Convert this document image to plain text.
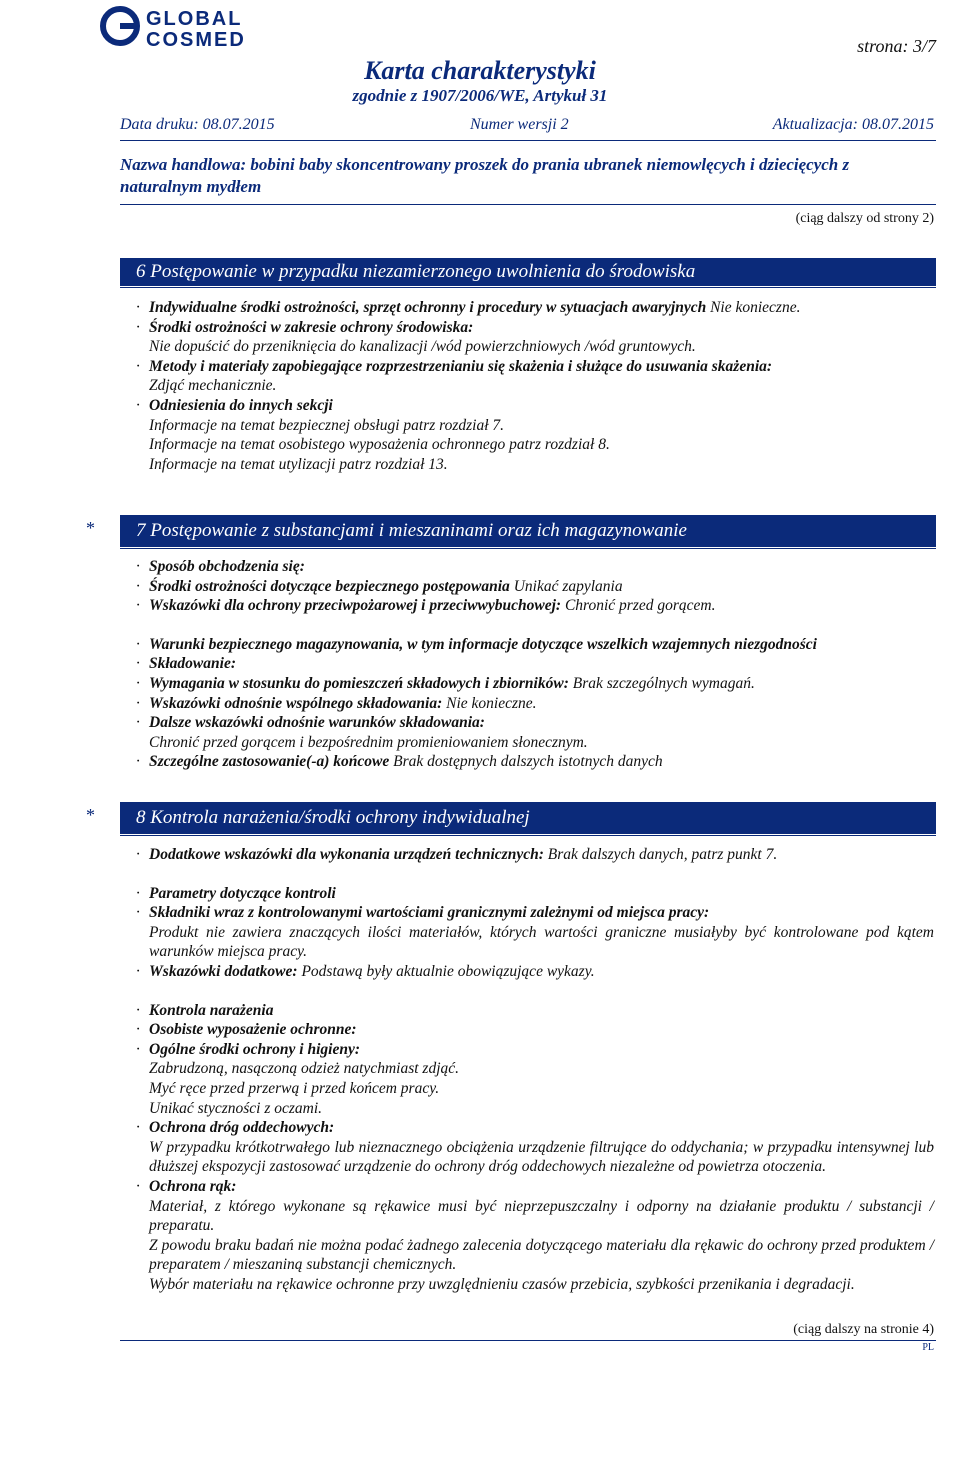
GLOBAL
COSMED	strona: 3/7
Karta charakterystyki
zgodnie z 1907/2006/WE, Artykuł 31
Data druku: 08.07.2015	Numer wersji 2	Aktualizacja: 08.07.2015
Nazwa handlowa: bobini baby skoncentrowany proszek do prania ubranek niemowlęcych i dziecięcych z naturalnym mydłem
(ciąg dalszy od strony 2)
6 Postępowanie w przypadku niezamierzonego uwolnienia do środowiska

· Indywidualne środki ostrożności, sprzęt ochronny i procedury w sytuacjach awaryjnych Nie konieczne.

· Środki ostrożności w zakresie ochrony środowiska:

Nie dopuścić do przeniknięcia do kanalizacji /wód powierzchniowych /wód gruntowych.

· Metody i materiały zapobiegające rozprzestrzenianiu się skażenia i służące do usuwania skażenia:

Zdjąć mechanicznie.

· Odniesienia do innych sekcji

Informacje na temat bezpiecznej obsługi patrz rozdział 7.

Informacje na temat osobistego wyposażenia ochronnego patrz rozdział 8.

Informacje na temat utylizacji patrz rozdział 13.

*	7 Postępowanie z substancjami i mieszaninami oraz ich magazynowanie

· Sposób obchodzenia się:

· Środki ostrożności dotyczące bezpiecznego postępowania Unikać zapylania

· Wskazówki dla ochrony przeciwpożarowej i przeciwwybuchowej: Chronić przed gorącem.

· Warunki bezpiecznego magazynowania, w tym informacje dotyczące wszelkich wzajemnych niezgodności

· Składowanie:

· Wymagania w stosunku do pomieszczeń składowych i zbiorników: Brak szczególnych wymagań.

· Wskazówki odnośnie wspólnego składowania: Nie konieczne.

· Dalsze wskazówki odnośnie warunków składowania:

Chronić przed gorącem i bezpośrednim promieniowaniem słonecznym.

· Szczególne zastosowanie(-a) końcowe Brak dostępnych dalszych istotnych danych

*	8 Kontrola narażenia/środki ochrony indywidualnej

· Dodatkowe wskazówki dla wykonania urządzeń technicznych: Brak dalszych danych, patrz punkt 7.

· Parametry dotyczące kontroli

· Składniki wraz z kontrolowanymi wartościami granicznymi zależnymi od miejsca pracy:

Produkt nie zawiera znaczących ilości materiałów, których wartości graniczne musiałyby być kontrolowane pod kątem warunków miejsca pracy.

· Wskazówki dodatkowe: Podstawą były aktualnie obowiązujące wykazy.

· Kontrola narażenia

· Osobiste wyposażenie ochronne:

· Ogólne środki ochrony i higieny:

Zabrudzoną, nasączoną odzież natychmiast zdjąć.

Myć ręce przed przerwą i przed końcem pracy.

Unikać styczności z oczami.

· Ochrona dróg oddechowych:

W przypadku krótkotrwałego lub nieznacznego obciążenia urządzenie filtrujące do oddychania; w przypadku intensywnej lub dłuższej ekspozycji zastosować urządzenie do ochrony dróg oddechowych niezależne od powietrza otoczenia.

· Ochrona rąk:

Materiał, z którego wykonane są rękawice musi być nieprzepuszczalny i odporny na działanie produktu / substancji / preparatu.

Z powodu braku badań nie można podać żadnego zalecenia dotyczącego materiału dla rękawic do ochrony przed produktem / preparatem / mieszaniną substancji chemicznych.

Wybór materiału na rękawice ochronne przy uwzględnieniu czasów przebicia, szybkości przenikania i degradacji.

(ciąg dalszy na stronie 4)
PL
